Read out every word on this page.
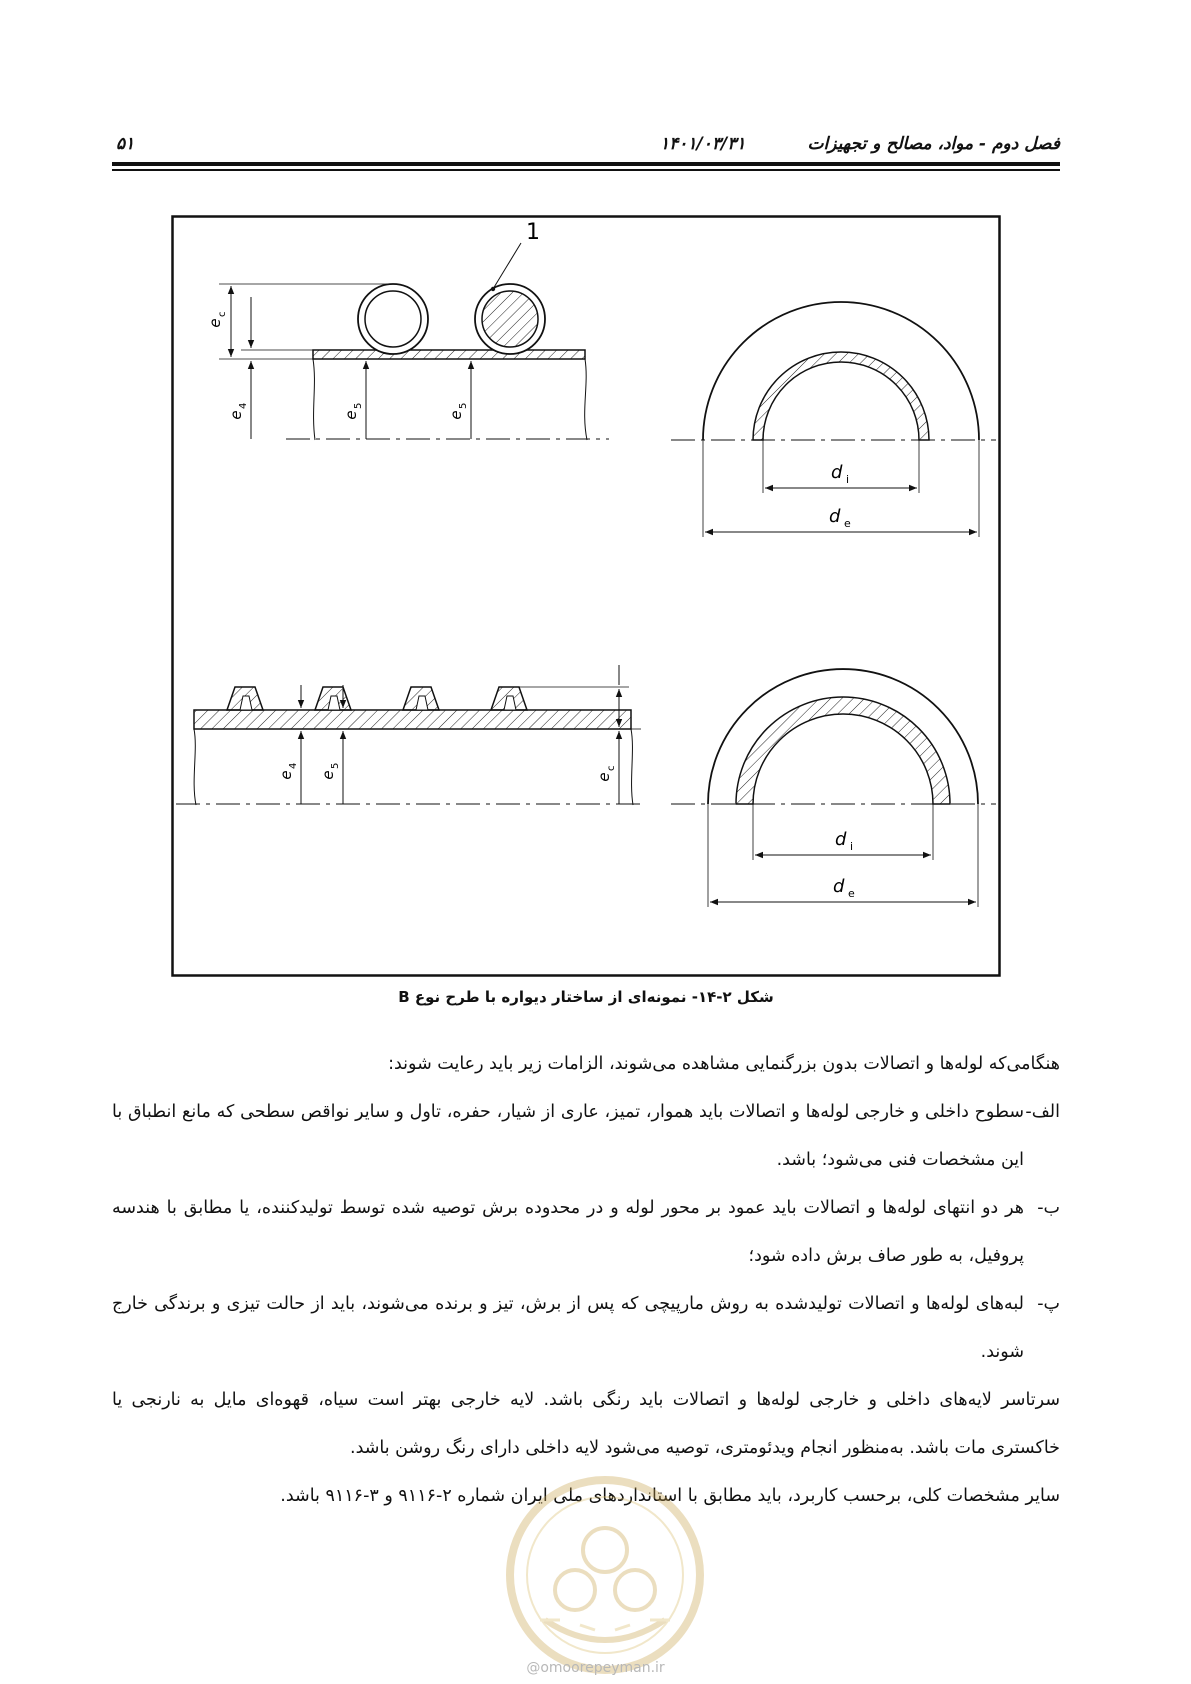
فصل دوم - مواد، مصالح و تجهیزات
۱۴۰۱/۰۳/۳۱
۵۱
1
e
c
e
4
e
5
e
5
d i
d e
e
4
e
5
e
c
d i
d e
شکل ۲-۱۴- نمونه‌ای از ساختار دیواره با طرح نوع B

هنگامی‌که لوله‌ها و اتصالات بدون بزرگنمایی مشاهده می‌شوند، الزامات زیر باید رعایت شوند:

الف-
سطوح داخلی و خارجی لوله‌ها و اتصالات باید هموار، تمیز، عاری از شیار، حفره، تاول و سایر نواقص سطحی که مانع انطباق با این مشخصات فنی می‌شود؛ باشد.
ب-
هر دو انتهای لوله‌ها و اتصالات باید عمود بر محور لوله و در محدوده برش توصیه شده توسط تولیدکننده، یا مطابق با هندسه پروفیل، به طور صاف برش داده شود؛
پ-
لبه‌های لوله‌ها و اتصالات تولیدشده به روش مارپیچی که پس از برش، تیز و برنده می‌شوند، باید از حالت تیزی و برندگی خارج شوند.

سرتاسر لایه‌های داخلی و خارجی لوله‌ها و اتصالات باید رنگی باشد. لایه خارجی بهتر است سیاه، قهوه‌ای مایل به نارنجی یا خاکستری مات باشد. به‌منظور انجام ویدئومتری، توصیه می‌شود لایه داخلی دارای رنگ روشن باشد.

سایر مشخصات کلی، برحسب کاربرد، باید مطابق با استانداردهای ملی ایران شماره ۲-۹۱۱۶ و ۳-۹۱۱۶ باشد.

@omoorepeyman.ir
